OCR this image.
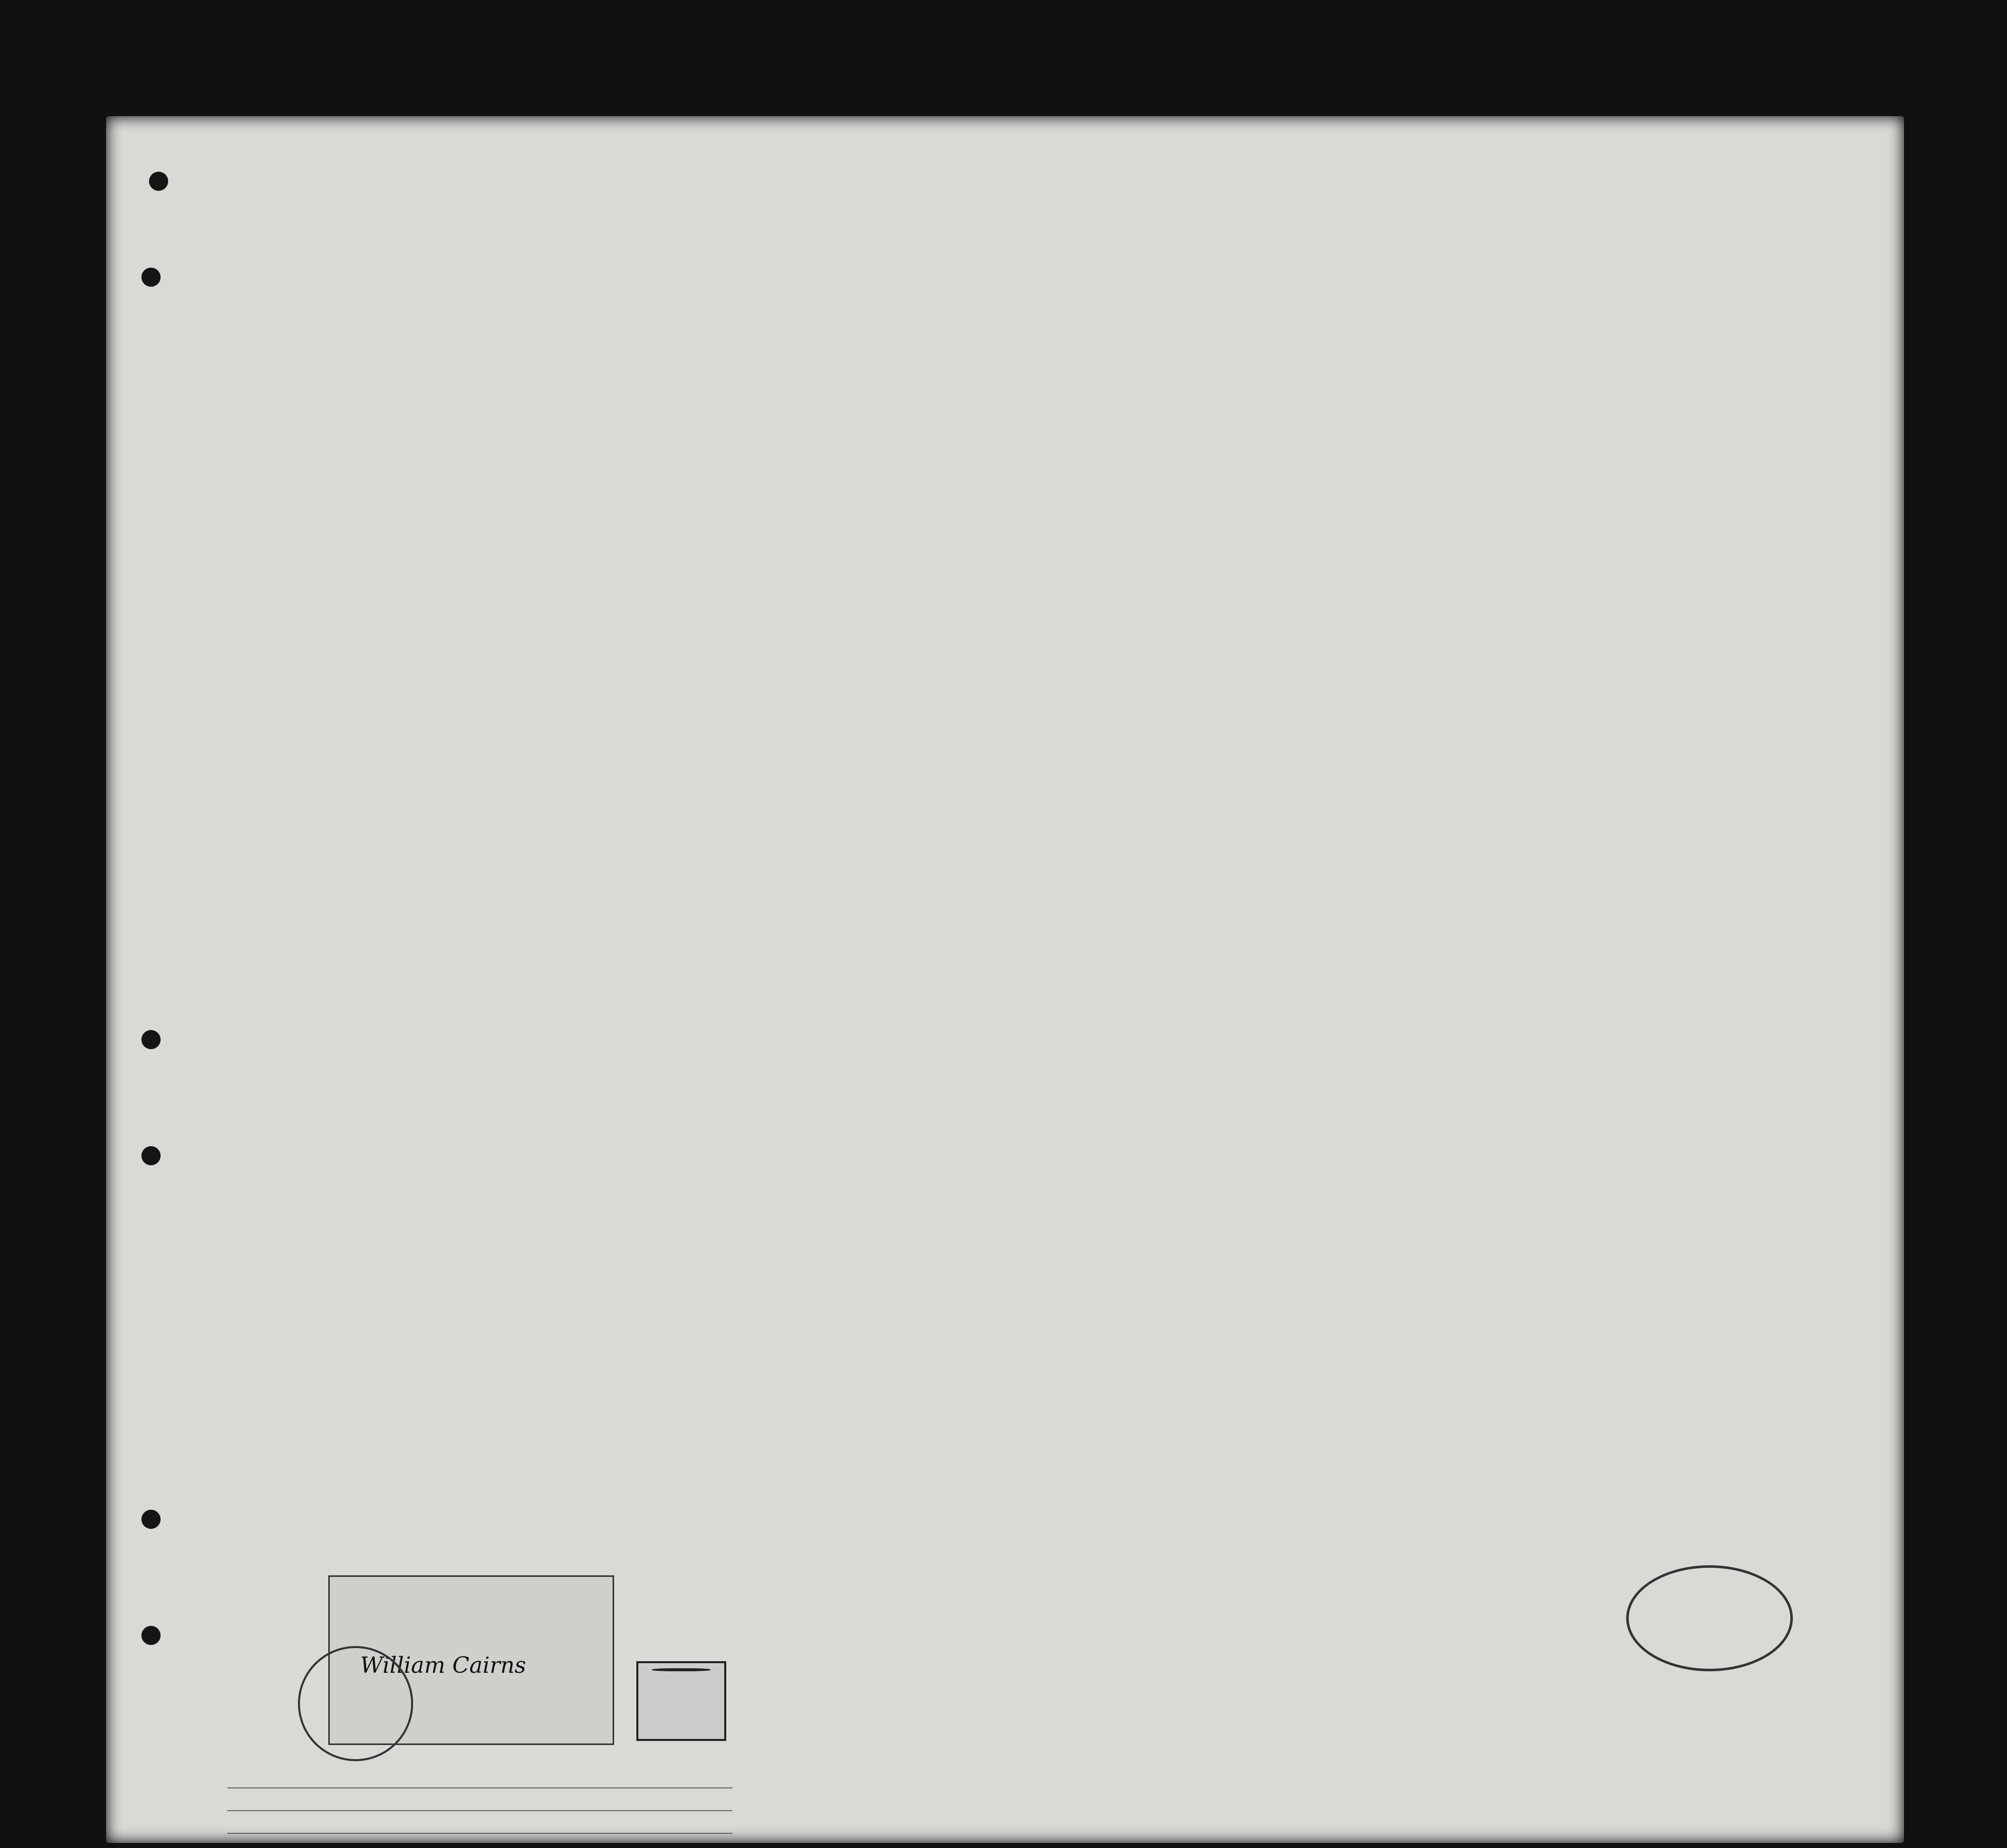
William Cairns
